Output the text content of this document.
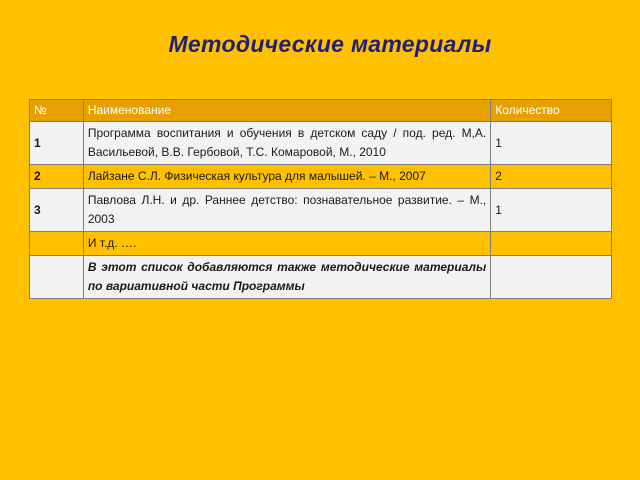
Методические материалы
№	Наименование	Количество
1	Программа воспитания и обучения в детском саду / под. ред. М,А. Васильевой, В.В. Гербовой, Т.С. Комаровой, М., 2010	1
2	Лайзане С.Л. Физическая культура для малышей. – М., 2007	2
3	Павлова Л.Н. и др. Раннее детство: познавательное развитие. – М., 2003	1
	И т.д. ….	
	В этот список добавляются также методические материалы по вариативной части Программы	
